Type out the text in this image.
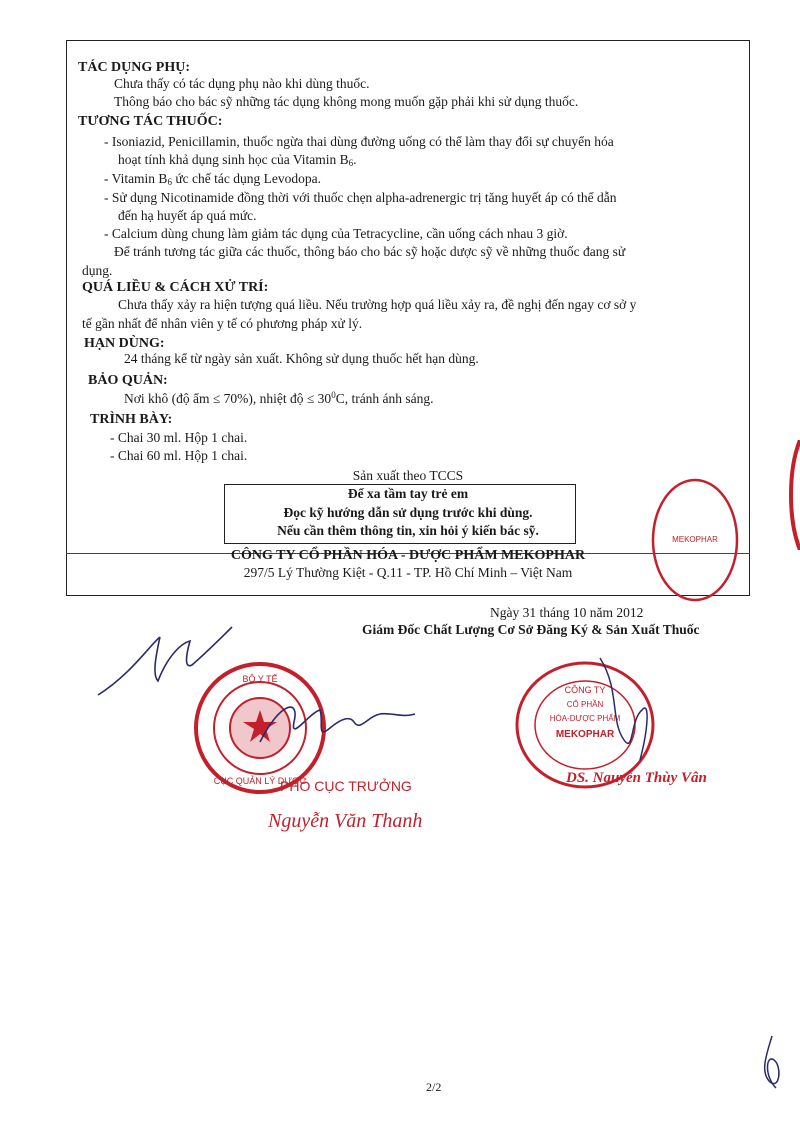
TÁC DỤNG PHỤ:
Chưa thấy có tác dụng phụ nào khi dùng thuốc.
Thông báo cho bác sỹ những tác dụng không mong muốn gặp phải khi sử dụng thuốc.
TƯƠNG TÁC THUỐC:
- Isoniazid, Penicillamin, thuốc ngừa thai dùng đường uống có thể làm thay đổi sự chuyển hóa
hoạt tính khả dụng sinh học của Vitamin $B_6$.
- Vitamin $B_6$ ức chế tác dụng Levodopa.
- Sử dụng Nicotinamide đồng thời với thuốc chẹn alpha-adrenergic trị tăng huyết áp có thể dẫn
đến hạ huyết áp quá mức.
- Calcium dùng chung làm giảm tác dụng của Tetracycline, cần uống cách nhau 3 giờ.
Để tránh tương tác giữa các thuốc, thông báo cho bác sỹ hoặc dược sỹ về những thuốc đang sử
dụng.
QUÁ LIỀU & CÁCH XỬ TRÍ:
Chưa thấy xảy ra hiện tượng quá liều. Nếu trường hợp quá liều xảy ra, đề nghị đến ngay cơ sở y
tế gần nhất để nhân viên y tế có phương pháp xử lý.
HẠN DÙNG:
24 tháng kể từ ngày sản xuất. Không sử dụng thuốc hết hạn dùng.
BẢO QUẢN:
Nơi khô (độ ẩm ≤ 70%), nhiệt độ ≤ $30^0C$, tránh ánh sáng.
TRÌNH BÀY:
- Chai 30 ml. Hộp 1 chai.
- Chai 60 ml. Hộp 1 chai.
Sản xuất theo TCCS
Để xa tầm tay trẻ em
Đọc kỹ hướng dẫn sử dụng trước khi dùng.
Nếu cần thêm thông tin, xin hỏi ý kiến bác sỹ.
CÔNG TY CỔ PHẦN HÓA - DƯỢC PHẨM MEKOPHAR
297/5 Lý Thường Kiệt - Q.11 - TP. Hồ Chí Minh – Việt Nam
Ngày 31 tháng 10 năm 2012
Giám Đốc Chất Lượng Cơ Sở Đăng Ký & Sản Xuất Thuốc
BỘ Y TẾ
CỤC QUẢN LÝ DƯỢC
PHÓ CỤC TRƯỞNG
Nguyễn Văn Thanh
CÔNG TY
CỔ PHẦN
HÓA-DƯỢC PHẨM
MEKOPHAR
DS. Nguyễn Thùy Vân
MEKOPHAR
2/2
